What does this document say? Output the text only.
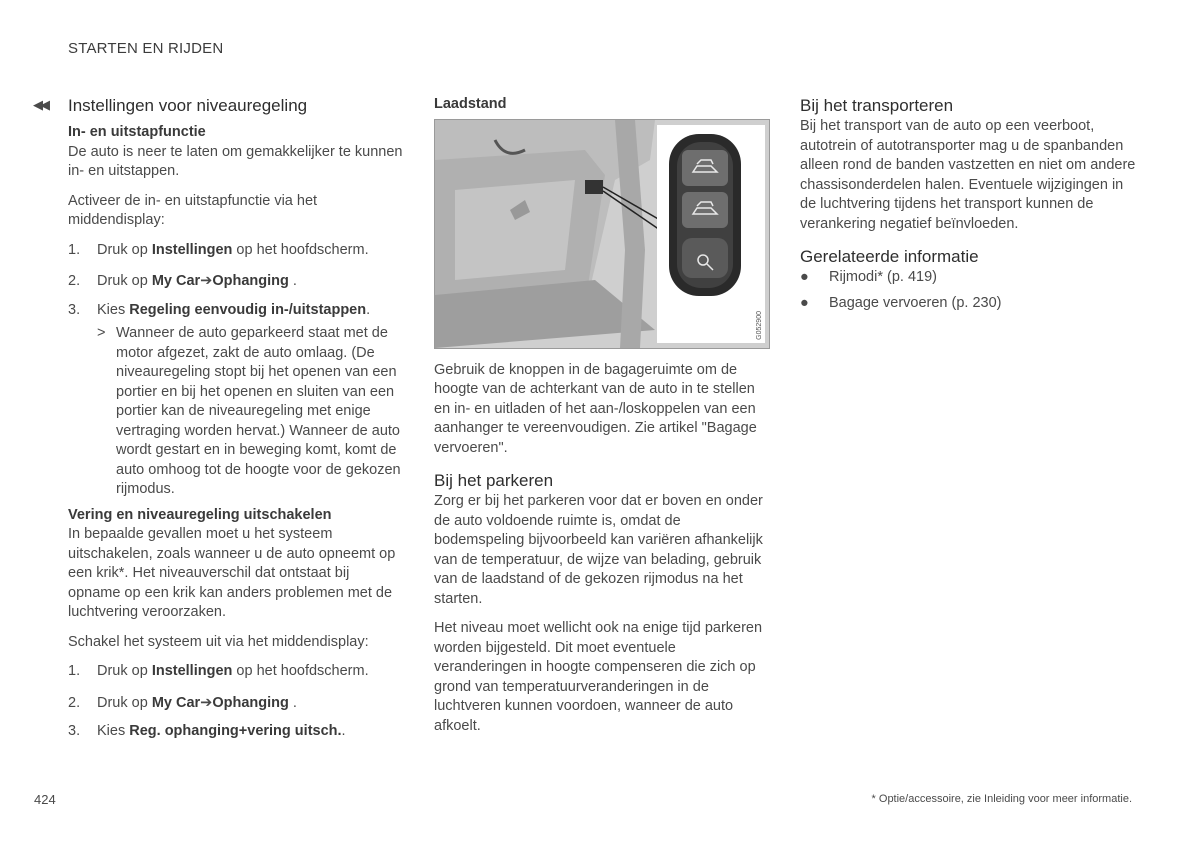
STARTEN EN RIJDEN
◀◀ Instellingen voor niveauregeling
In- en uitstapfunctie

De auto is neer te laten om gemakkelijker te kunnen in- en uitstappen.

Activeer de in- en uitstapfunctie via het middendisplay:

1. Druk op Instellingen op het hoofdscherm.
2. Druk op My Car➔Ophanging .
3. Kies Regeling eenvoudig in-/uitstappen.
> Wanneer de auto geparkeerd staat met de motor afgezet, zakt de auto omlaag. (De niveauregeling stopt bij het openen van een portier en bij het openen en sluiten van een portier kan de niveauregeling met enige vertraging worden hervat.) Wanneer de auto wordt gestart en in beweging komt, komt de auto omhoog tot de hoogte voor de gekozen rijmodus.
Vering en niveauregeling uitschakelen

In bepaalde gevallen moet u het systeem uitschakelen, zoals wanneer u de auto opneemt op een krik*. Het niveauverschil dat ontstaat bij opname op een krik kan anders problemen met de luchtvering veroorzaken.

Schakel het systeem uit via het middendisplay:

1. Druk op Instellingen op het hoofdscherm.
2. Druk op My Car➔Ophanging .
3. Kies Reg. ophanging+vering uitsch..
Laadstand
G052900

Gebruik de knoppen in de bagageruimte om de hoogte van de achterkant van de auto in te stellen en in- en uitladen of het aan-/loskoppelen van een aanhanger te vereenvoudigen. Zie artikel "Bagage vervoeren".

Bij het parkeren

Zorg er bij het parkeren voor dat er boven en onder de auto voldoende ruimte is, omdat de bodemspeling bijvoorbeeld kan variëren afhankelijk van de temperatuur, de wijze van belading, gebruik van de laadstand of de gekozen rijmodus na het starten.

Het niveau moet wellicht ook na enige tijd parkeren worden bijgesteld. Dit moet eventuele veranderingen in hoogte compenseren die zich op grond van temperatuurveranderingen in de luchtveren kunnen voordoen, wanneer de auto afkoelt.

Bij het transporteren

Bij het transport van de auto op een veerboot, autotrein of autotransporter mag u de spanbanden alleen rond de banden vastzetten en niet om andere chassisonderdelen halen. Eventuele wijzigingen in de luchtvering tijdens het transport kunnen de verankering negatief beïnvloeden.

Gerelateerde informatie
● Rijmodi* (p. 419)
● Bagage vervoeren (p. 230)
424	* Optie/accessoire, zie Inleiding voor meer informatie.
